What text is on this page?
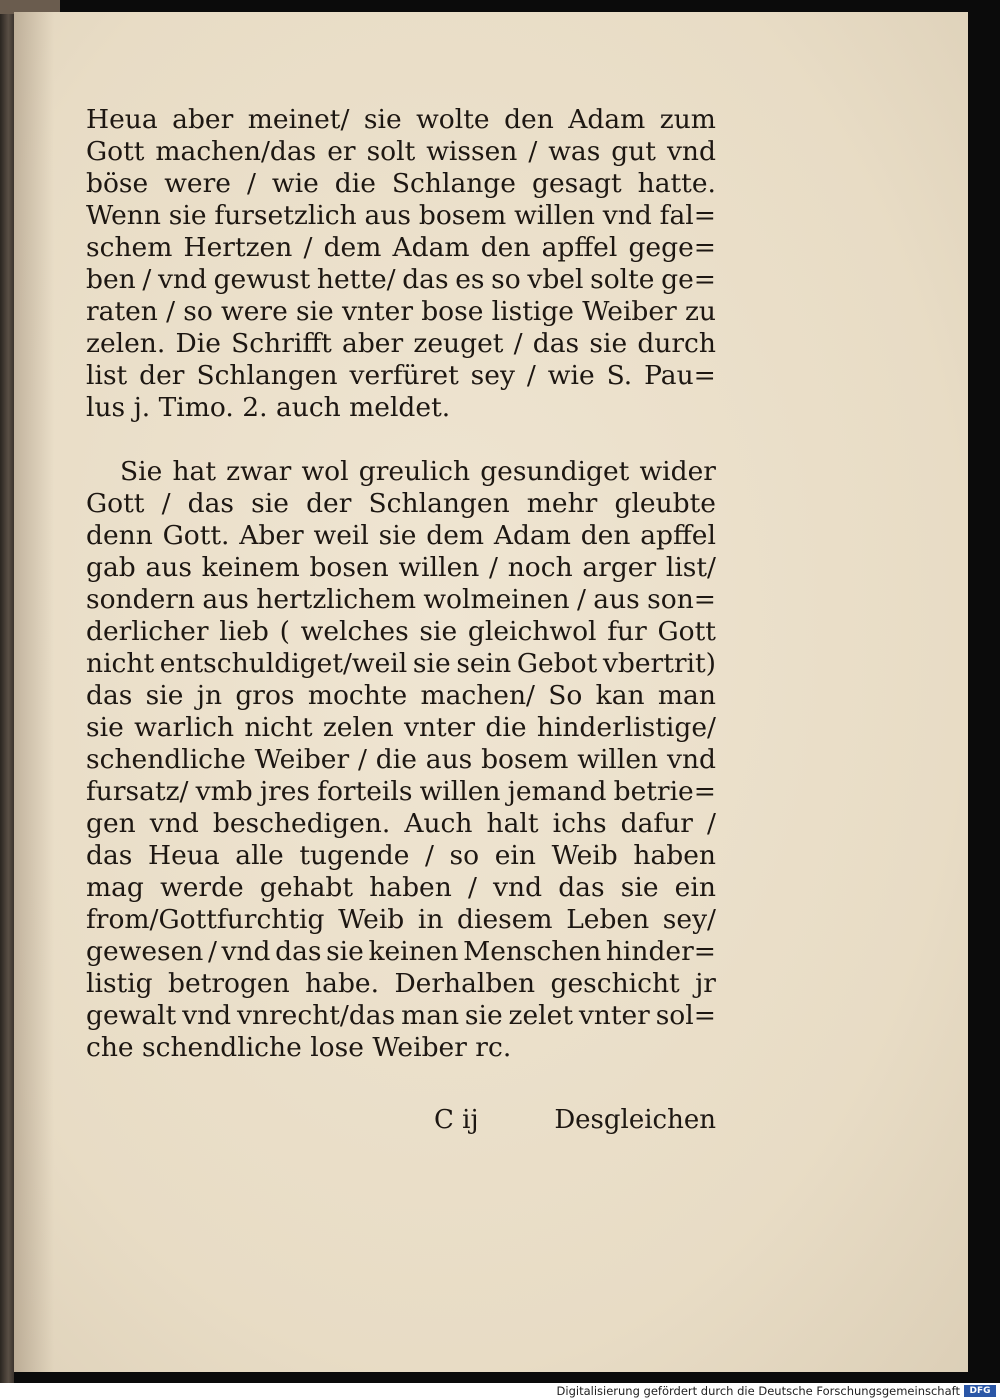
Heua aber meinet/ sie wolte den Adam zum
Gott machen/das er solt wissen / was gut vnd
böse were / wie die Schlange gesagt hatte.
Wenn sie fursetzlich aus bosem willen vnd fal=
schem Hertzen / dem Adam den apffel gege=
ben / vnd gewust hette/ das es so vbel solte ge=
raten / so were sie vnter bose listige Weiber zu
zelen. Die Schrifft aber zeuget / das sie durch
list der Schlangen verfüret sey / wie S. Pau=
lus j. Timo. 2. auch meldet.
Sie hat zwar wol greulich gesundiget wider
Gott / das sie der Schlangen mehr gleubte
denn Gott. Aber weil sie dem Adam den apffel
gab aus keinem bosen willen / noch arger list/
sondern aus hertzlichem wolmeinen / aus son=
derlicher lieb ( welches sie gleichwol fur Gott
nicht entschuldiget/weil sie sein Gebot vbertrit)
das sie jn gros mochte machen/ So kan man
sie warlich nicht zelen vnter die hinderlistige/
schendliche Weiber / die aus bosem willen vnd
fursatz/ vmb jres forteils willen jemand betrie=
gen vnd beschedigen. Auch halt ichs dafur /
das Heua alle tugende / so ein Weib haben
mag werde gehabt haben / vnd das sie ein
from/Gottfurchtig Weib in diesem Leben sey/
gewesen / vnd das sie keinen Menschen hinder=
listig betrogen habe. Derhalben geschicht jr
gewalt vnd vnrecht/das man sie zelet vnter sol=
che schendliche lose Weiber rc.
C ij	Desgleichen
Digitalisierung gefördert durch die Deutsche Forschungsgemeinschaft	DFG
